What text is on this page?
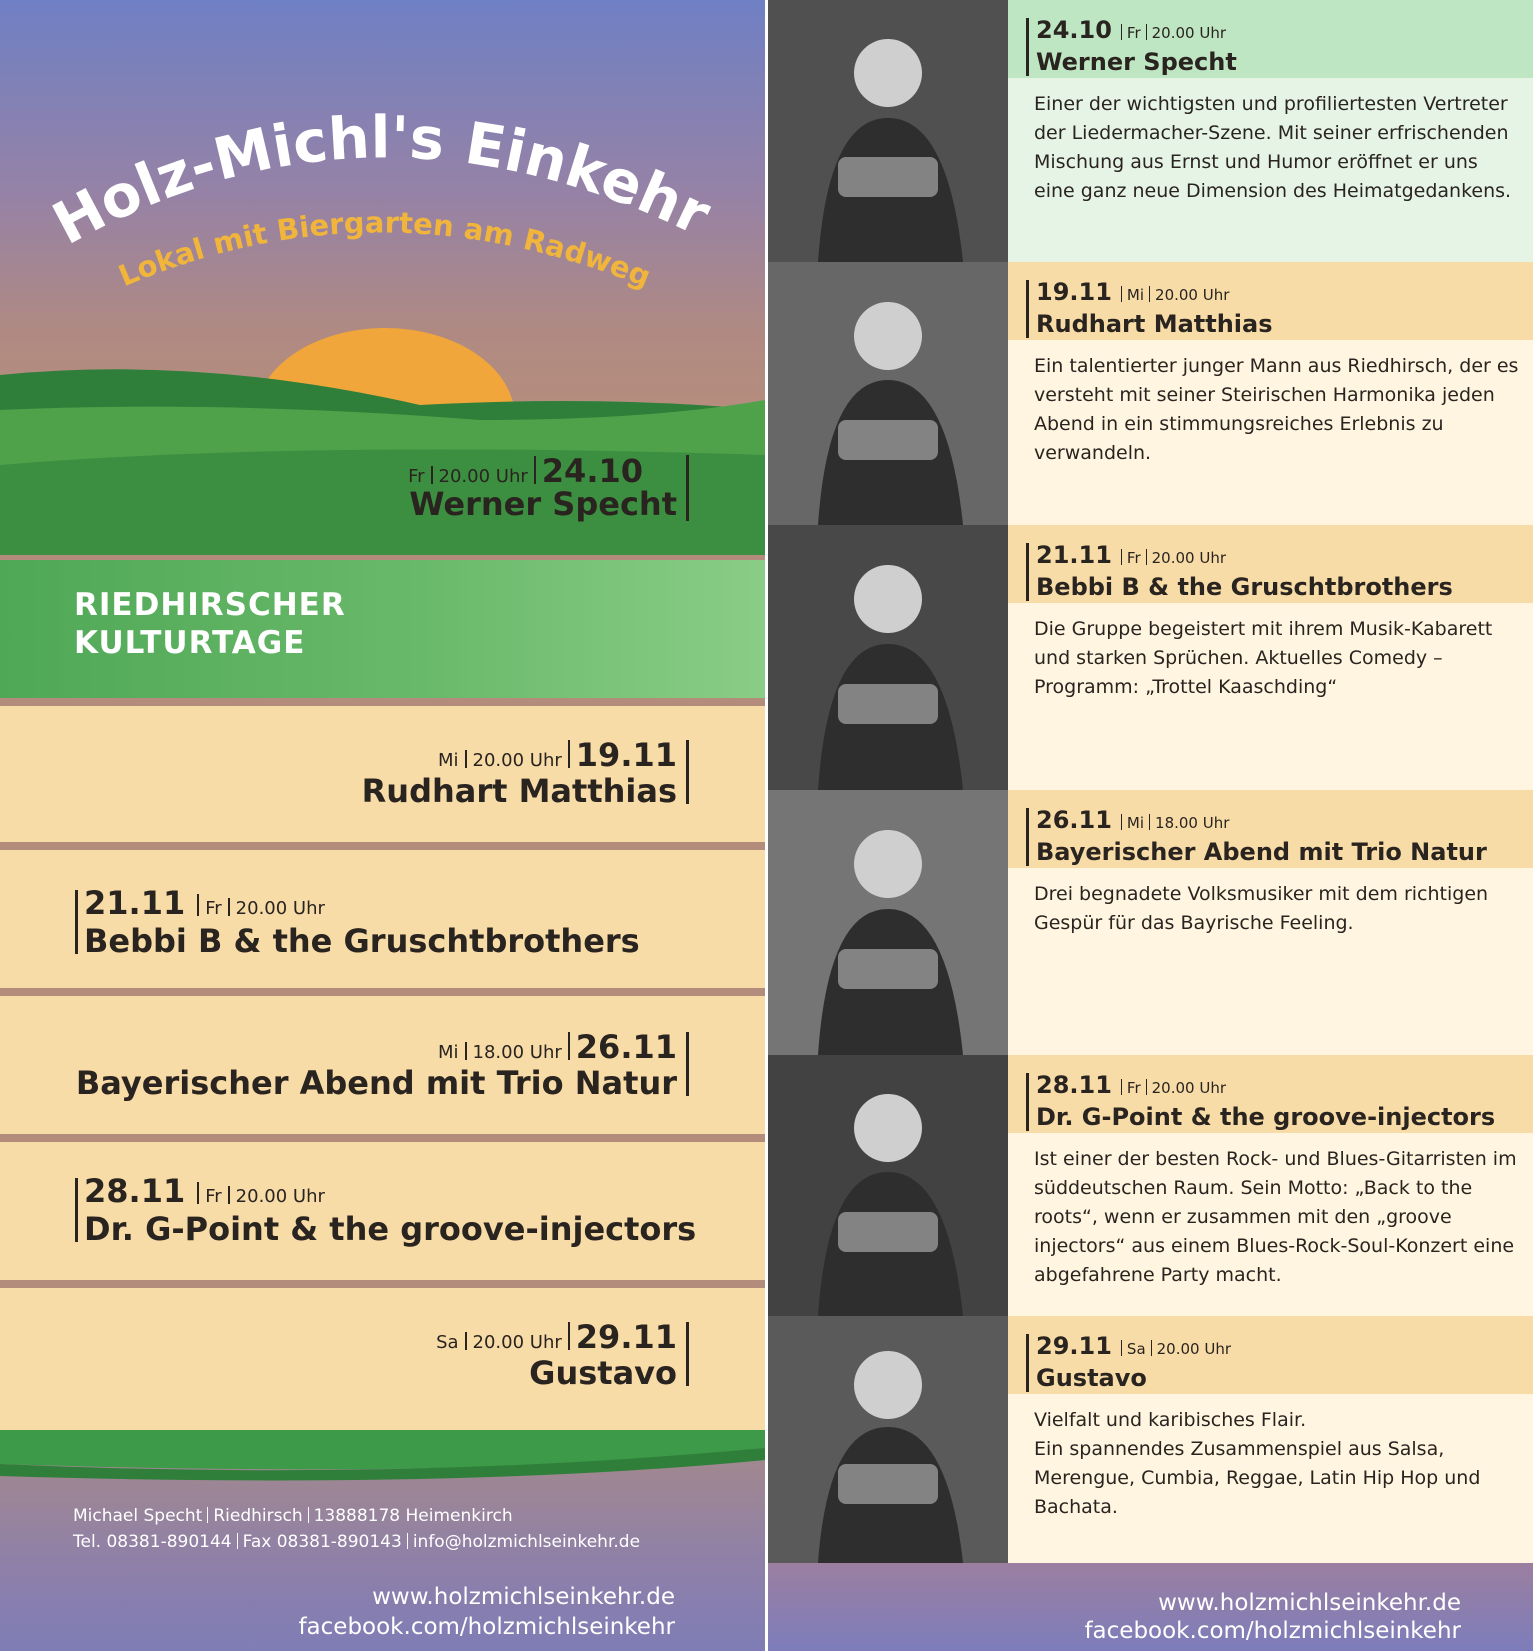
Holz-Michl's Einkehr
Lokal mit Biergarten am Radweg
Fr 20.00 Uhr 24.10
Werner Specht
RIEDHIRSCHER
KULTURTAGE
Mi 20.00 Uhr 19.11
Rudhart Matthias
21.11 Fr 20.00 Uhr
Bebbi B & the Gruschtbrothers
Mi 18.00 Uhr 26.11
Bayerischer Abend mit Trio Natur
28.11 Fr 20.00 Uhr
Dr. G-Point & the groove-injectors
Sa 20.00 Uhr 29.11
Gustavo
Michael Specht Riedhirsch 13888178 Heimenkirch
Tel. 08381-890144 Fax 08381-890143 info@holzmichlseinkehr.de
www.holzmichlseinkehr.de
facebook.com/holzmichlseinkehr
24.10 Fr 20.00 Uhr
Werner Specht

Einer der wichtigsten und profiliertesten Vertreter der Liedermacher-Szene. Mit seiner erfrischenden Mischung aus Ernst und Humor eröffnet er uns eine ganz neue Dimension des Heimatgedankens.

19.11 Mi 20.00 Uhr
Rudhart Matthias

Ein talentierter junger Mann aus Riedhirsch, der es versteht mit seiner Steirischen Harmonika jeden Abend in ein stimmungsreiches Erlebnis zu verwandeln.

21.11 Fr 20.00 Uhr
Bebbi B & the Gruschtbrothers

Die Gruppe begeistert mit ihrem Musik-Kabarett und starken Sprüchen. Aktuelles Comedy – Programm: „Trottel Kaaschding“

26.11 Mi 18.00 Uhr
Bayerischer Abend mit Trio Natur

Drei begnadete Volksmusiker mit dem richtigen Gespür für das Bayrische Feeling.

28.11 Fr 20.00 Uhr
Dr. G-Point & the groove-injectors

Ist einer der besten Rock- und Blues-Gitarristen im süddeutschen Raum. Sein Motto: „Back to the roots“, wenn er zusammen mit den „groove injectors“ aus einem Blues-Rock-Soul-Konzert eine abgefahrene Party macht.

29.11 Sa 20.00 Uhr
Gustavo

Vielfalt und karibisches Flair.
Ein spannendes Zusammenspiel aus Salsa, Merengue, Cumbia, Reggae, Latin Hip Hop und Bachata.

www.holzmichlseinkehr.de
facebook.com/holzmichlseinkehr
